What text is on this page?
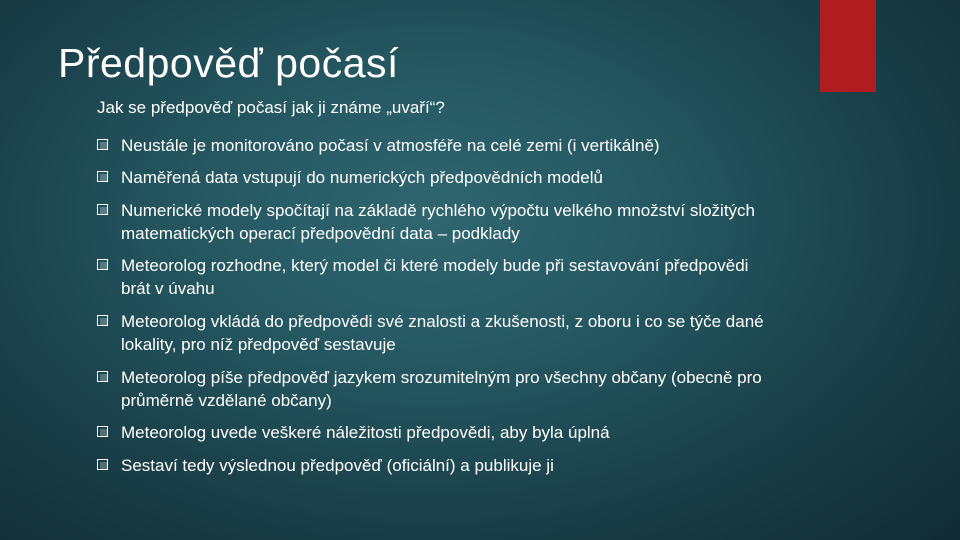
Předpověď počasí
Jak se předpověď počasí jak ji známe „uvaří“?
Neustále je monitorováno počasí v atmosféře na celé zemi (i vertikálně)
Naměřená data vstupují do numerických předpovědních modelů
Numerické modely spočítají na základě rychlého výpočtu velkého množství složitých matematických operací předpovědní data – podklady
Meteorolog rozhodne, který model či které modely bude při sestavování předpovědi brát v úvahu
Meteorolog vkládá do předpovědi své znalosti a zkušenosti, z oboru i co se týče dané lokality, pro níž předpověď sestavuje
Meteorolog píše předpověď jazykem srozumitelným pro všechny občany (obecně pro průměrně vzdělané občany)
Meteorolog uvede veškeré náležitosti předpovědi, aby byla úplná
Sestaví tedy výslednou předpověď (oficiální) a publikuje ji
